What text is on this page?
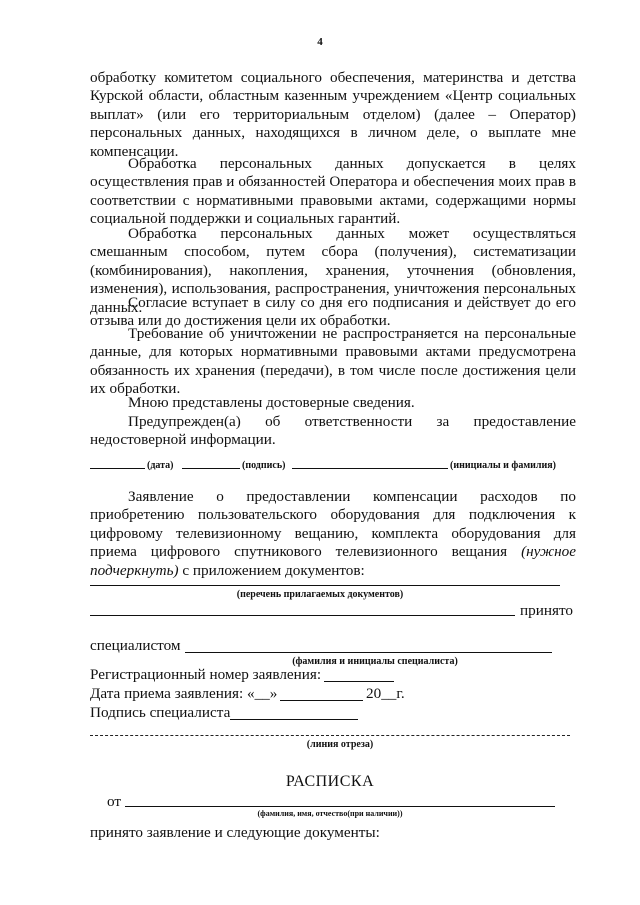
4
обработку комитетом социального обеспечения, материнства и детства Курской области, областным казенным учреждением «Центр социальных выплат» (или его территориальным отделом) (далее – Оператор) персональных данных, находящихся в личном деле, о выплате мне компенсации.
Обработка персональных данных допускается в целях осуществления прав и обязанностей Оператора и обеспечения моих прав в соответствии с нормативными правовыми актами, содержащими нормы социальной поддержки и социальных гарантий.
Обработка персональных данных может осуществляться смешанным способом, путем сбора (получения), систематизации (комбинирования), накопления, хранения, уточнения (обновления, изменения), использования, распространения, уничтожения персональных данных.
Согласие вступает в силу со дня его подписания и действует до его отзыва или до достижения цели их обработки.
Требование об уничтожении не распространяется на персональные данные, для которых нормативными правовыми актами предусмотрена обязанность их хранения (передачи), в том числе после достижения цели их обработки.
Мною представлены достоверные сведения.
Предупрежден(а) об ответственности за предоставление недостоверной информации.
(дата)	(подпись)	(инициалы и фамилия)
Заявление о предоставлении компенсации расходов по приобретению пользовательского оборудования для подключения к цифровому телевизионному вещанию, комплекта оборудования для приема цифрового спутникового телевизионного вещания (нужное подчеркнуть) с приложением документов:
(перечень прилагаемых документов)
принято
специалистом
(фамилия и инициалы специалиста)
Регистрационный номер заявления:
Дата приема заявления: «__»	20__г.
Подпись специалиста
(линия отреза)
РАСПИСКА
от
(фамилия, имя, отчество(при наличии))
принято заявление и следующие документы:
